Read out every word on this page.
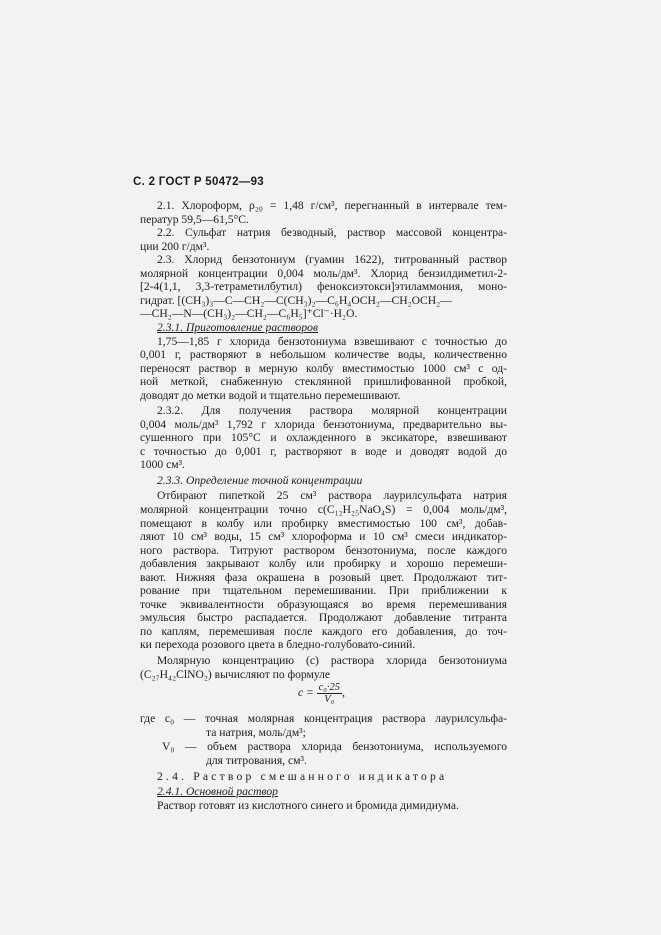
С. 2 ГОСТ Р 50472—93
2.1. Хлороформ, ρ₂₀ = 1,48 г/см³, перегнанный в интервале тем-
ператур 59,5—61,5°С.
2.2. Сульфат натрия безводный, раствор массовой концентра-
ции 200 г/дм³.
2.3. Хлорид бензотониум (гуамин 1622), титрованный раствор
молярной концентрации 0,004 моль/дм³. Хлорид бензилдиметил-2-
[2-4(1,1, 3,3-тетраметилбутил) феноксиэтокси]этиламмония, моно-
гидрат. [(CH₃)₃—C—CH₂—C(CH₃)₂—C₆H₄OCH₂—CH₂OCH₂—
—CH₂—N—(CH₃)₂—CH₂—C₆H₅]⁺Cl⁻·H₂O.
2.3.1. Приготовление растворов
1,75—1,85 г хлорида бензотониума взвешивают с точностью до
0,001 г, растворяют в небольшом количестве воды, количественно
переносят раствор в мерную колбу вместимостью 1000 см³ с од-
ной меткой, снабженную стеклянной пришлифованной пробкой,
доводят до метки водой и тщательно перемешивают.
2.3.2. Для получения раствора молярной концентрации
0,004 моль/дм³ 1,792 г хлорида бензотониума, предварительно вы-
сушенного при 105°С и охлажденного в эксикаторе, взвешивают
с точностью до 0,001 г, растворяют в воде и доводят водой до
1000 см³.
2.3.3. Определение точной концентрации
Отбирают пипеткой 25 см³ раствора лаурилсульфата натрия
молярной концентрации точно c(C₁₂H₂₅NaO₄S) = 0,004 моль/дм³,
помещают в колбу или пробирку вместимостью 100 см³, добав-
ляют 10 см³ воды, 15 см³ хлороформа и 10 см³ смеси индикатор-
ного раствора. Титруют раствором бензотониума, после каждого
добавления закрывают колбу или пробирку и хорошо перемеши-
вают. Нижняя фаза окрашена в розовый цвет. Продолжают тит-
рование при тщательном перемешивании. При приближении к
точке эквивалентности образующаяся во время перемешивания
эмульсия быстро распадается. Продолжают добавление титранта
по каплям, перемешивая после каждого его добавления, до точ-
ки перехода розового цвета в бледно-голубовато-синий.
Молярную концентрацию (c) раствора хлорида бензотониума
(C₂₇H₄₂ClNO₂) вычисляют по формуле
$c = \frac{\text{c₀·25}}{\text{V₀}}$ ,
где c₀ — точная молярная концентрация раствора лаурилсульфа-
та натрия, моль/дм³;
V₀ — объем раствора хлорида бензотониума, используемого
для титрования, см³.
2.4. Раствор смешанного индикатора
2.4.1. Основной раствор
Раствор готовят из кислотного синего и бромида димидиума.
